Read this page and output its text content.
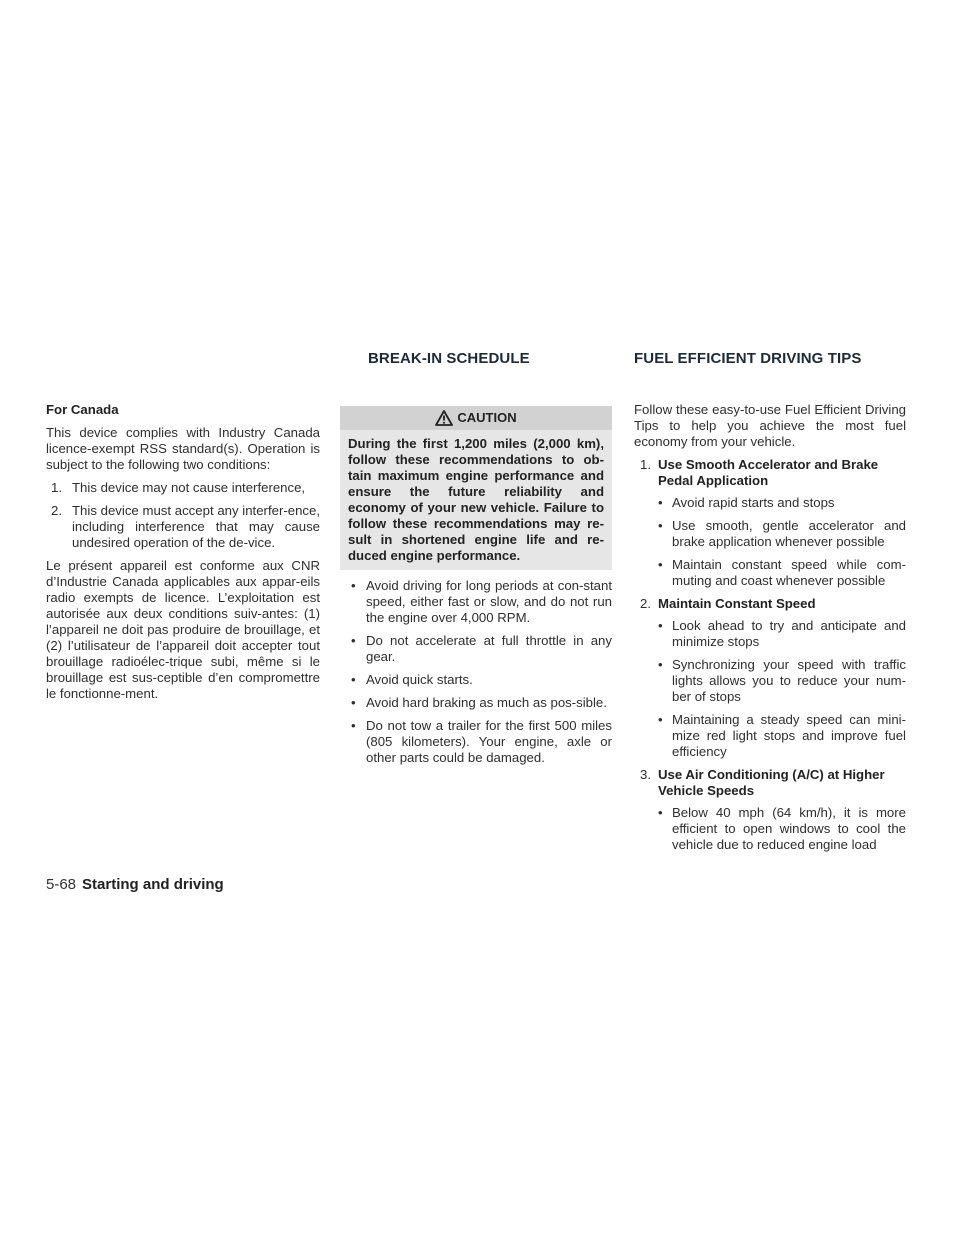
BREAK-IN SCHEDULE	FUEL EFFICIENT DRIVING TIPS

For Canada

This device complies with Industry Canada licence-exempt RSS standard(s). Operation is subject to the following two conditions:

1. This device may not cause interference,
2. This device must accept any interfer-ence, including interference that may cause undesired operation of the de-vice.

Le présent appareil est conforme aux CNR d’Industrie Canada applicables aux appar-eils radio exempts de licence. L’exploitation est autorisée aux deux conditions suiv-antes: (1) l’appareil ne doit pas produire de brouillage, et (2) l’utilisateur de l’appareil doit accepter tout brouillage radioélec-trique subi, même si le brouillage est sus-ceptible d’en compromettre le fonctionne-ment.

CAUTION
During the first 1,200 miles (2,000 km), follow these recommendations to ob-tain maximum engine performance and ensure the future reliability and economy of your new vehicle. Failure to follow these recommendations may re-sult in shortened engine life and re-duced engine performance.
• Avoid driving for long periods at con-stant speed, either fast or slow, and do not run the engine over 4,000 RPM.
• Do not accelerate at full throttle in any gear.
• Avoid quick starts.
• Avoid hard braking as much as pos-sible.
• Do not tow a trailer for the first 500 miles (805 kilometers). Your engine, axle or other parts could be damaged.

Follow these easy-to-use Fuel Efficient Driving Tips to help you achieve the most fuel economy from your vehicle.

1. Use Smooth Accelerator and Brake Pedal Application
• Avoid rapid starts and stops
• Use smooth, gentle accelerator and brake application whenever possible
• Maintain constant speed while com-muting and coast whenever possible
2. Maintain Constant Speed
• Look ahead to try and anticipate and minimize stops
• Synchronizing your speed with traffic lights allows you to reduce your num-ber of stops
• Maintaining a steady speed can mini-mize red light stops and improve fuel efficiency
3. Use Air Conditioning (A/C) at Higher Vehicle Speeds
• Below 40 mph (64 km/h), it is more efficient to open windows to cool the vehicle due to reduced engine load
5-68 Starting and driving
